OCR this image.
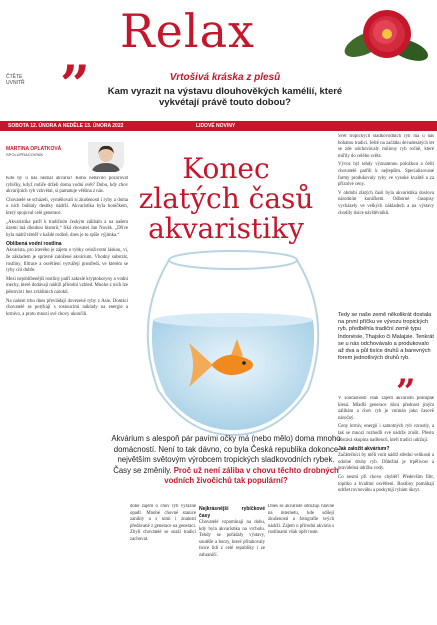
Relax
ČTĚTE
UVNITŘ ”	Vrtošivá kráska z plesů
Kam vyrazit na výstavu dlouhověkých kamélií, které vykvétají právě touto dobou?
SOBOTA 12. ÚNORA A NEDĚLE 13. ÚNORA 2022	LIDOVÉ NOVINY
MARTINA OPLATKOVÁ
SPOLUPRACOVNÍK	Konec zlatých časů akvaristiky

Kdo by u nás neznal akvária? Koho nebavilo pozorovat rybičky, když rodiče drželi doma vodní svět? Dobu, kdy chov akvarijních ryb vzkvétal, si pamatuje většina z nás.

Chovatelé se scházeli, vyměňovali si zkušenosti i ryby a doma u nich bublaly desítky nádrží. Akvaristika byla koníčkem, který spojoval celé generace.

„Akvaristika patří k tradičním českým zálibám a na našem území má dlouhou historii,“ říká chovatel Jan Novák. „Dříve byla nádrž téměř v každé rodině, dnes je to spíše výjimka.“

Oblíbená vodní rostlina

Akvarista, pro kterého je zájem o rybky celoživotní láskou, ví, že základem je správně založené akvárium. Vhodný substrát, rostliny, filtrace a osvětlení vytvářejí prostředí, ve kterém se ryby cítí dobře.

Mezi nejoblíbenější rostliny patří zakrslé kryptokoryny a vodní mechy, které dodávají nádrži přírodní vzhled. Mnoho z nich lze pěstovat i bez zvláštních nároků.

Na našem trhu dnes převládají dovezené ryby z Asie. Domácí chovatelé se potýkají s rostoucími náklady na energie a krmivo, a proto mnozí své chovy ukončili.

Akvárium s alespoň pár pavími očky má (nebo mělo) doma mnoho domácností. Není to tak dávno, co byla Česká republika dokonce největším světovým výrobcem tropických sladkovodních rybek. Časy se změnily. Proč už není záliba v chovu těchto drobných vodních živočichů tak populární?

Svět tropických sladkovodních ryb má u nás bohatou tradici. Ještě na začátku devadesátých let se zde odchovávaly miliony ryb ročně, které mířily do celého světa.

Vývoz byl tehdy významnou položkou a čeští chovatelé patřili k nejlepším. Specializované farmy produkovaly ryby ve vysoké kvalitě a za příznivé ceny.

V období zlatých časů byla akvaristika doslova národním koníčkem. Odborné časopisy vycházely ve velkých nákladech a na výstavy chodily tisíce návštěvníků.

Tedy se naše země několikrát dostala na první příčku ve vývozu tropických ryb, předběhla tradiční země typu Indonésie, Thajsko či Malajsie. Tenkrát se u nás odchovávalo a produkovalo až dva a půl tisíce druhů a barevných forem jednotlivých druhů ryb.
”

V současnosti však zájem akvaristů postupně klesá. Mladší generace dává přednost jiným zálibám a chov ryb je vnímán jako časově náročný.

Ceny krmiv, energií i samotných ryb vzrostly, a tak se mnozí rozhodli své nádrže zrušit. Přesto zůstává skupina nadšenců, kteří tradici udržují.

Jak založit akvárium?

Začátečníci by měli volit nádrž střední velikosti a odolné druhy ryb. Důležitá je trpělivost a pravidelná údržba vody.

Co nesmí při chovu chybět? Především filtr, topítko a kvalitní osvětlení. Rostliny pomáhají udržet rovnováhu a poskytují rybám úkryt.

době zájem o chov ryb výrazně opadl. Mnohé chovné stanice zanikly a s nimi i znalosti předávané z generace na generaci. Zbylí chovatelé se snaží tradici zachovat.

Nejkrásnější rybičkové časy

Chovatelé vzpomínají na dobu, kdy byla akvaristika na vrcholu. Tehdy se pořádaly výstavy, soutěže a burzy, které přitahovaly tisíce lidí z celé republiky i ze zahraničí.

Dnes se akvaristé sdružují hlavně na internetu, kde sdílejí zkušenosti a fotografie svých nádrží. Zájem o přírodní akvária s rostlinami však opět roste.
